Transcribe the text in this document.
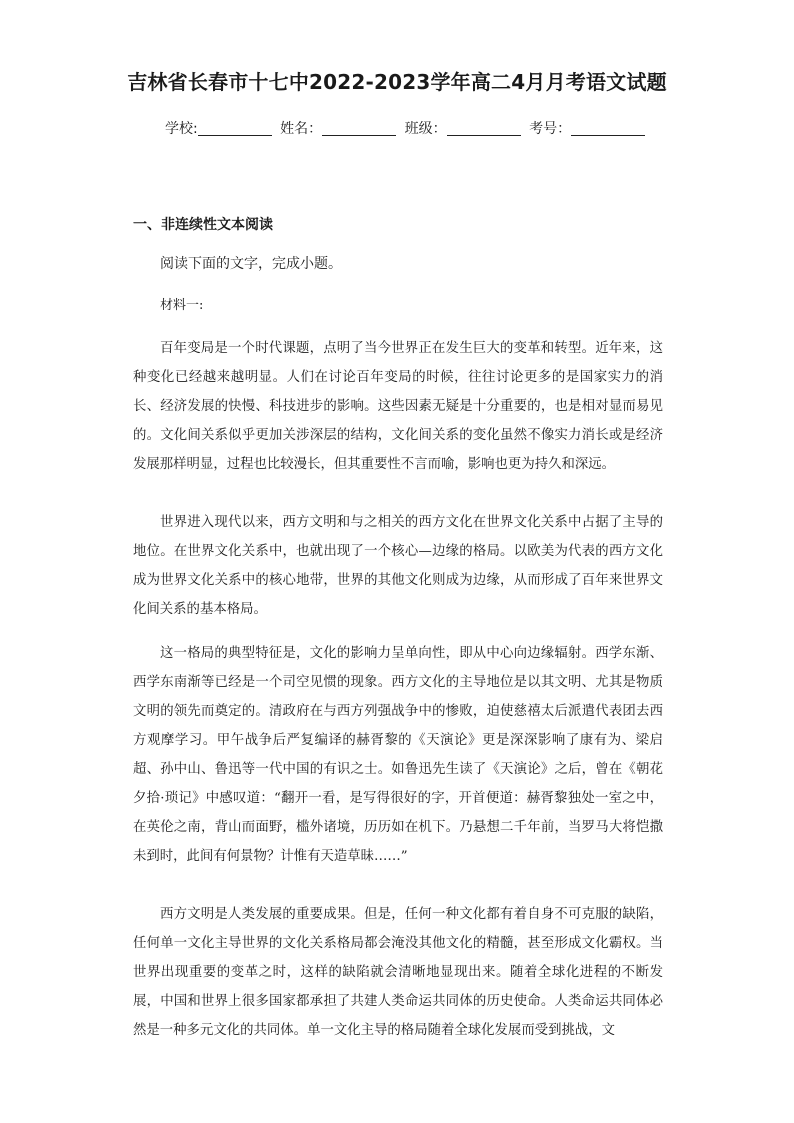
吉林省长春市十七中2022-2023学年高二4月月考语文试题
学校:	姓名：	班级：	考号：
一、非连续性文本阅读
阅读下面的文字，完成小题。
材料一:

百年变局是一个时代课题，点明了当今世界正在发生巨大的变革和转型。近年来，这种变化已经越来越明显。人们在讨论百年变局的时候，往往讨论更多的是国家实力的消长、经济发展的快慢、科技进步的影响。这些因素无疑是十分重要的，也是相对显而易见的。文化间关系似乎更加关涉深层的结构，文化间关系的变化虽然不像实力消长或是经济发展那样明显，过程也比较漫长，但其重要性不言而喻，影响也更为持久和深远。

世界进入现代以来，西方文明和与之相关的西方文化在世界文化关系中占据了主导的地位。在世界文化关系中，也就出现了一个核心—边缘的格局。以欧美为代表的西方文化成为世界文化关系中的核心地带，世界的其他文化则成为边缘，从而形成了百年来世界文化间关系的基本格局。

这一格局的典型特征是，文化的影响力呈单向性，即从中心向边缘辐射。西学东渐、西学东南渐等已经是一个司空见惯的现象。西方文化的主导地位是以其文明、尤其是物质文明的领先而奠定的。清政府在与西方列强战争中的惨败，迫使慈禧太后派遣代表团去西方观摩学习。甲午战争后严复编译的赫胥黎的《天演论》更是深深影响了康有为、梁启超、孙中山、鲁迅等一代中国的有识之士。如鲁迅先生读了《天演论》之后，曾在《朝花夕拾·琐记》中感叹道：“翻开一看，是写得很好的字，开首便道：赫胥黎独处一室之中，在英伦之南，背山而面野，槛外诸境，历历如在机下。乃悬想二千年前，当罗马大将恺撒未到时，此间有何景物？计惟有天造草昧……”

西方文明是人类发展的重要成果。但是，任何一种文化都有着自身不可克服的缺陷，任何单一文化主导世界的文化关系格局都会淹没其他文化的精髓，甚至形成文化霸权。当世界出现重要的变革之时，这样的缺陷就会清晰地显现出来。随着全球化进程的不断发展，中国和世界上很多国家都承担了共建人类命运共同体的历史使命。人类命运共同体必然是一种多元文化的共同体。单一文化主导的格局随着全球化发展而受到挑战，文
